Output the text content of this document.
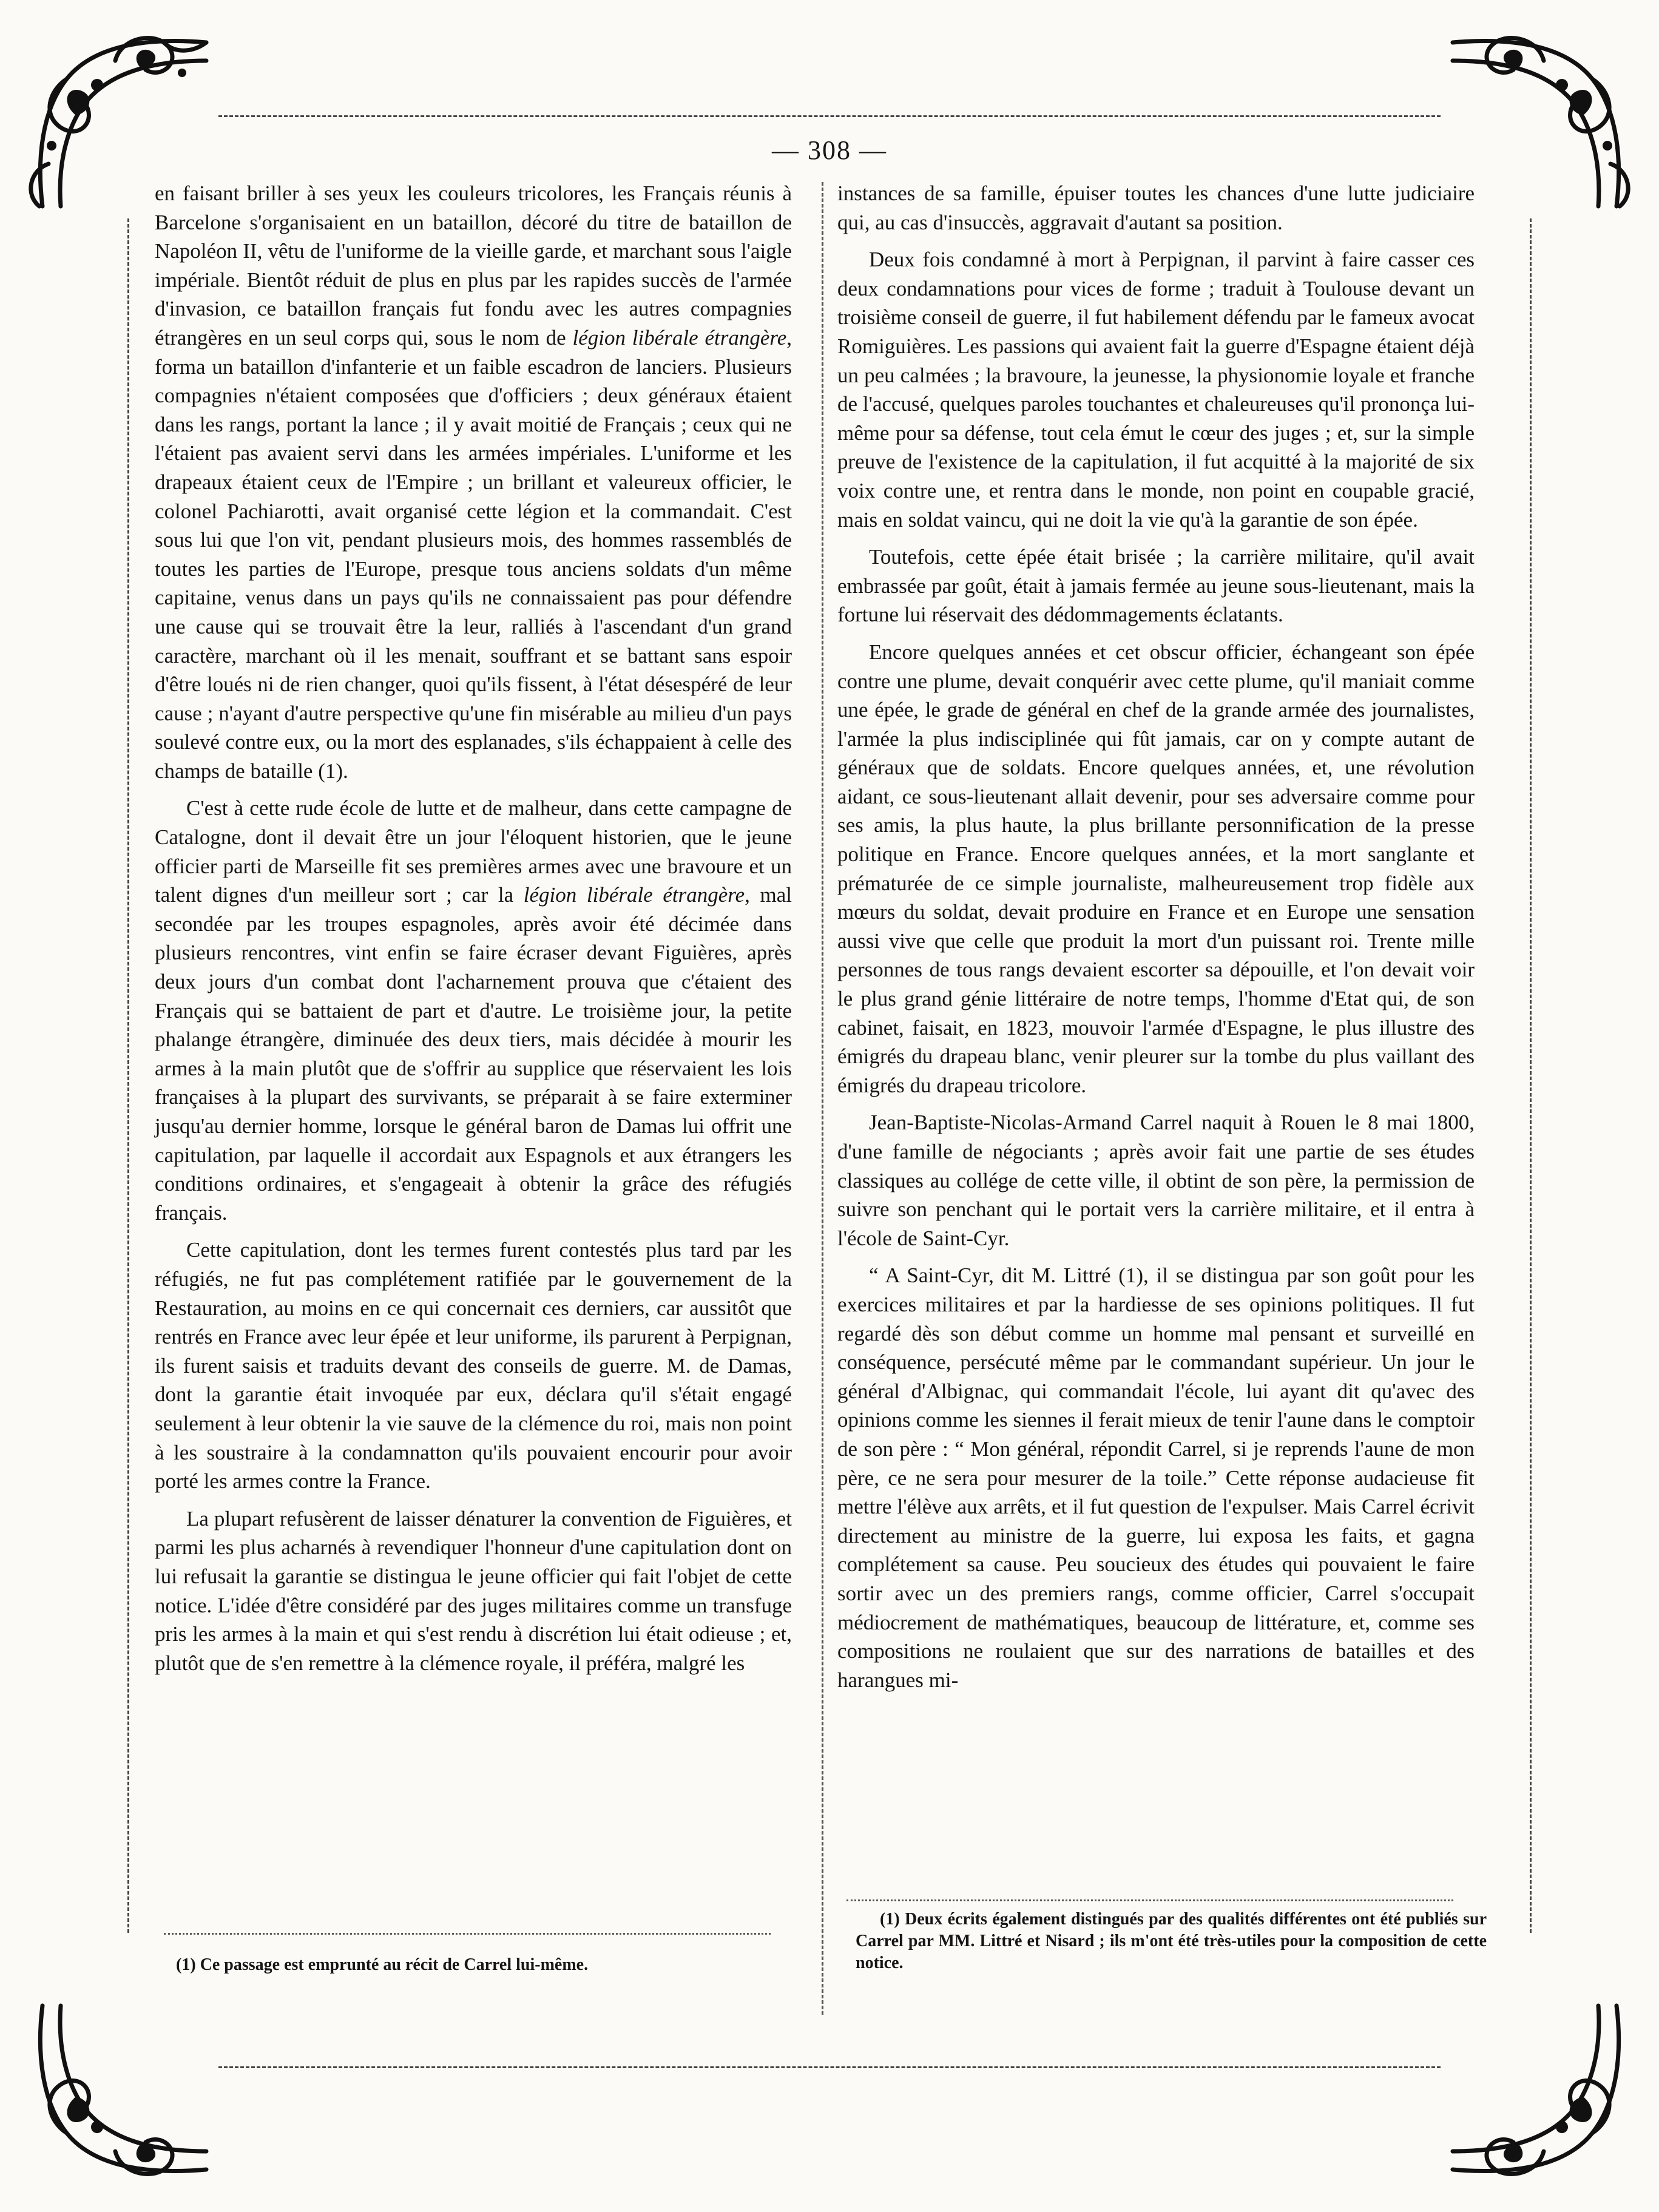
— 308 —

en faisant briller à ses yeux les couleurs tricolores, les Français réunis à Barcelone s'organisaient en un bataillon, décoré du titre de bataillon de Napoléon II, vêtu de l'uniforme de la vieille garde, et marchant sous l'aigle impériale. Bientôt réduit de plus en plus par les rapides succès de l'armée d'invasion, ce bataillon français fut fondu avec les autres compagnies étrangères en un seul corps qui, sous le nom de légion libérale étrangère, forma un bataillon d'infanterie et un faible escadron de lanciers. Plusieurs compagnies n'étaient composées que d'officiers ; deux généraux étaient dans les rangs, portant la lance ; il y avait moitié de Français ; ceux qui ne l'étaient pas avaient servi dans les armées impériales. L'uniforme et les drapeaux étaient ceux de l'Empire ; un brillant et valeureux officier, le colonel Pachiarotti, avait organisé cette légion et la commandait. C'est sous lui que l'on vit, pendant plusieurs mois, des hommes rassemblés de toutes les parties de l'Europe, presque tous anciens soldats d'un même capitaine, venus dans un pays qu'ils ne connaissaient pas pour défendre une cause qui se trouvait être la leur, ralliés à l'ascendant d'un grand caractère, marchant où il les menait, souffrant et se battant sans espoir d'être loués ni de rien changer, quoi qu'ils fissent, à l'état désespéré de leur cause ; n'ayant d'autre perspective qu'une fin misérable au milieu d'un pays soulevé contre eux, ou la mort des esplanades, s'ils échappaient à celle des champs de bataille (1).

C'est à cette rude école de lutte et de malheur, dans cette campagne de Catalogne, dont il devait être un jour l'éloquent historien, que le jeune officier parti de Marseille fit ses premières armes avec une bravoure et un talent dignes d'un meilleur sort ; car la légion libérale étrangère, mal secondée par les troupes espagnoles, après avoir été décimée dans plusieurs rencontres, vint enfin se faire écraser devant Figuières, après deux jours d'un combat dont l'acharnement prouva que c'étaient des Français qui se battaient de part et d'autre. Le troisième jour, la petite phalange étrangère, diminuée des deux tiers, mais décidée à mourir les armes à la main plutôt que de s'offrir au supplice que réservaient les lois françaises à la plupart des survivants, se préparait à se faire exterminer jusqu'au dernier homme, lorsque le général baron de Damas lui offrit une capitulation, par laquelle il accordait aux Espagnols et aux étrangers les conditions ordinaires, et s'engageait à obtenir la grâce des réfugiés français.

Cette capitulation, dont les termes furent contestés plus tard par les réfugiés, ne fut pas complétement ratifiée par le gouvernement de la Restauration, au moins en ce qui concernait ces derniers, car aussitôt que rentrés en France avec leur épée et leur uniforme, ils parurent à Perpignan, ils furent saisis et traduits devant des conseils de guerre. M. de Damas, dont la garantie était invoquée par eux, déclara qu'il s'était engagé seulement à leur obtenir la vie sauve de la clémence du roi, mais non point à les soustraire à la condamnatton qu'ils pouvaient encourir pour avoir porté les armes contre la France.

La plupart refusèrent de laisser dénaturer la convention de Figuières, et parmi les plus acharnés à revendiquer l'honneur d'une capitulation dont on lui refusait la garantie se distingua le jeune officier qui fait l'objet de cette notice. L'idée d'être considéré par des juges militaires comme un transfuge pris les armes à la main et qui s'est rendu à discrétion lui était odieuse ; et, plutôt que de s'en remettre à la clémence royale, il préféra, malgré les

instances de sa famille, épuiser toutes les chances d'une lutte judiciaire qui, au cas d'insuccès, aggravait d'autant sa position.

Deux fois condamné à mort à Perpignan, il parvint à faire casser ces deux condamnations pour vices de forme ; traduit à Toulouse devant un troisième conseil de guerre, il fut habilement défendu par le fameux avocat Romiguières. Les passions qui avaient fait la guerre d'Espagne étaient déjà un peu calmées ; la bravoure, la jeunesse, la physionomie loyale et franche de l'accusé, quelques paroles touchantes et chaleureuses qu'il prononça lui-même pour sa défense, tout cela émut le cœur des juges ; et, sur la simple preuve de l'existence de la capitulation, il fut acquitté à la majorité de six voix contre une, et rentra dans le monde, non point en coupable gracié, mais en soldat vaincu, qui ne doit la vie qu'à la garantie de son épée.

Toutefois, cette épée était brisée ; la carrière militaire, qu'il avait embrassée par goût, était à jamais fermée au jeune sous-lieutenant, mais la fortune lui réservait des dédommagements éclatants.

Encore quelques années et cet obscur officier, échangeant son épée contre une plume, devait conquérir avec cette plume, qu'il maniait comme une épée, le grade de général en chef de la grande armée des journalistes, l'armée la plus indisciplinée qui fût jamais, car on y compte autant de généraux que de soldats. Encore quelques années, et, une révolution aidant, ce sous-lieutenant allait devenir, pour ses adversaire comme pour ses amis, la plus haute, la plus brillante personnification de la presse politique en France. Encore quelques années, et la mort sanglante et prématurée de ce simple journaliste, malheureusement trop fidèle aux mœurs du soldat, devait produire en France et en Europe une sensation aussi vive que celle que produit la mort d'un puissant roi. Trente mille personnes de tous rangs devaient escorter sa dépouille, et l'on devait voir le plus grand génie littéraire de notre temps, l'homme d'Etat qui, de son cabinet, faisait, en 1823, mouvoir l'armée d'Espagne, le plus illustre des émigrés du drapeau blanc, venir pleurer sur la tombe du plus vaillant des émigrés du drapeau tricolore.

Jean-Baptiste-Nicolas-Armand Carrel naquit à Rouen le 8 mai 1800, d'une famille de négociants ; après avoir fait une partie de ses études classiques au collége de cette ville, il obtint de son père, la permission de suivre son penchant qui le portait vers la carrière militaire, et il entra à l'école de Saint-Cyr.

“ A Saint-Cyr, dit M. Littré (1), il se distingua par son goût pour les exercices militaires et par la hardiesse de ses opinions politiques. Il fut regardé dès son début comme un homme mal pensant et surveillé en conséquence, persécuté même par le commandant supérieur. Un jour le général d'Albignac, qui commandait l'école, lui ayant dit qu'avec des opinions comme les siennes il ferait mieux de tenir l'aune dans le comptoir de son père : “ Mon général, répondit Carrel, si je reprends l'aune de mon père, ce ne sera pour mesurer de la toile.” Cette réponse audacieuse fit mettre l'élève aux arrêts, et il fut question de l'expulser. Mais Carrel écrivit directement au ministre de la guerre, lui exposa les faits, et gagna complétement sa cause. Peu soucieux des études qui pouvaient le faire sortir avec un des premiers rangs, comme officier, Carrel s'occupait médiocrement de mathématiques, beaucoup de littérature, et, comme ses compositions ne roulaient que sur des narrations de batailles et des harangues mi-

(1) Ce passage est emprunté au récit de Carrel lui-même.
(1) Deux écrits également distingués par des qualités différentes ont été publiés sur Carrel par MM. Littré et Nisard ; ils m'ont été très-utiles pour la composition de cette notice.
